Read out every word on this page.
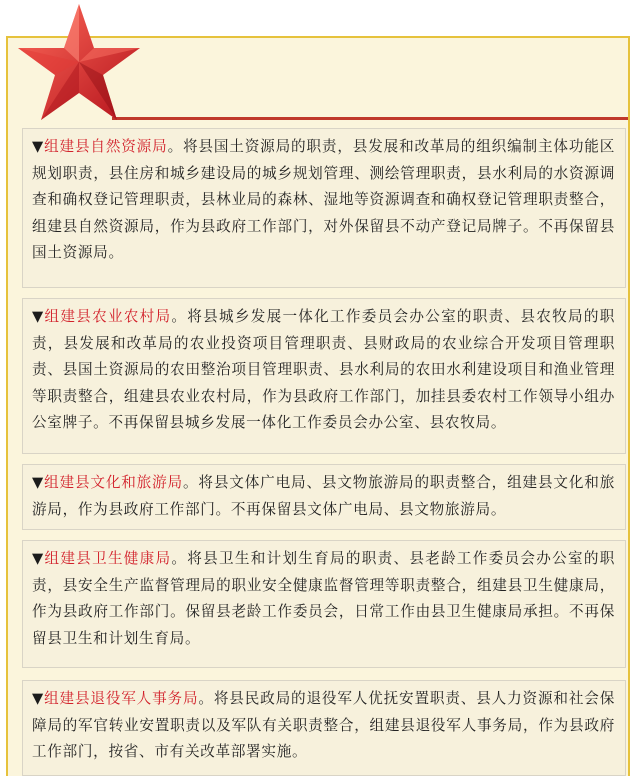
▼组建县自然资源局。将县国土资源局的职责，县发展和改革局的组织编制主体功能区规划职责，县住房和城乡建设局的城乡规划管理、测绘管理职责，县水利局的水资源调查和确权登记管理职责，县林业局的森林、湿地等资源调查和确权登记管理职责整合，组建县自然资源局，作为县政府工作部门，对外保留县不动产登记局牌子。不再保留县国土资源局。

▼组建县农业农村局。将县城乡发展一体化工作委员会办公室的职责、县农牧局的职责，县发展和改革局的农业投资项目管理职责、县财政局的农业综合开发项目管理职责、县国土资源局的农田整治项目管理职责、县水利局的农田水利建设项目和渔业管理等职责整合，组建县农业农村局，作为县政府工作部门，加挂县委农村工作领导小组办公室牌子。不再保留县城乡发展一体化工作委员会办公室、县农牧局。

▼组建县文化和旅游局。将县文体广电局、县文物旅游局的职责整合，组建县文化和旅游局，作为县政府工作部门。不再保留县文体广电局、县文物旅游局。

▼组建县卫生健康局。将县卫生和计划生育局的职责、县老龄工作委员会办公室的职责，县安全生产监督管理局的职业安全健康监督管理等职责整合，组建县卫生健康局，作为县政府工作部门。保留县老龄工作委员会，日常工作由县卫生健康局承担。不再保留县卫生和计划生育局。

▼组建县退役军人事务局。将县民政局的退役军人优抚安置职责、县人力资源和社会保障局的军官转业安置职责以及军队有关职责整合，组建县退役军人事务局，作为县政府工作部门，按省、市有关改革部署实施。
